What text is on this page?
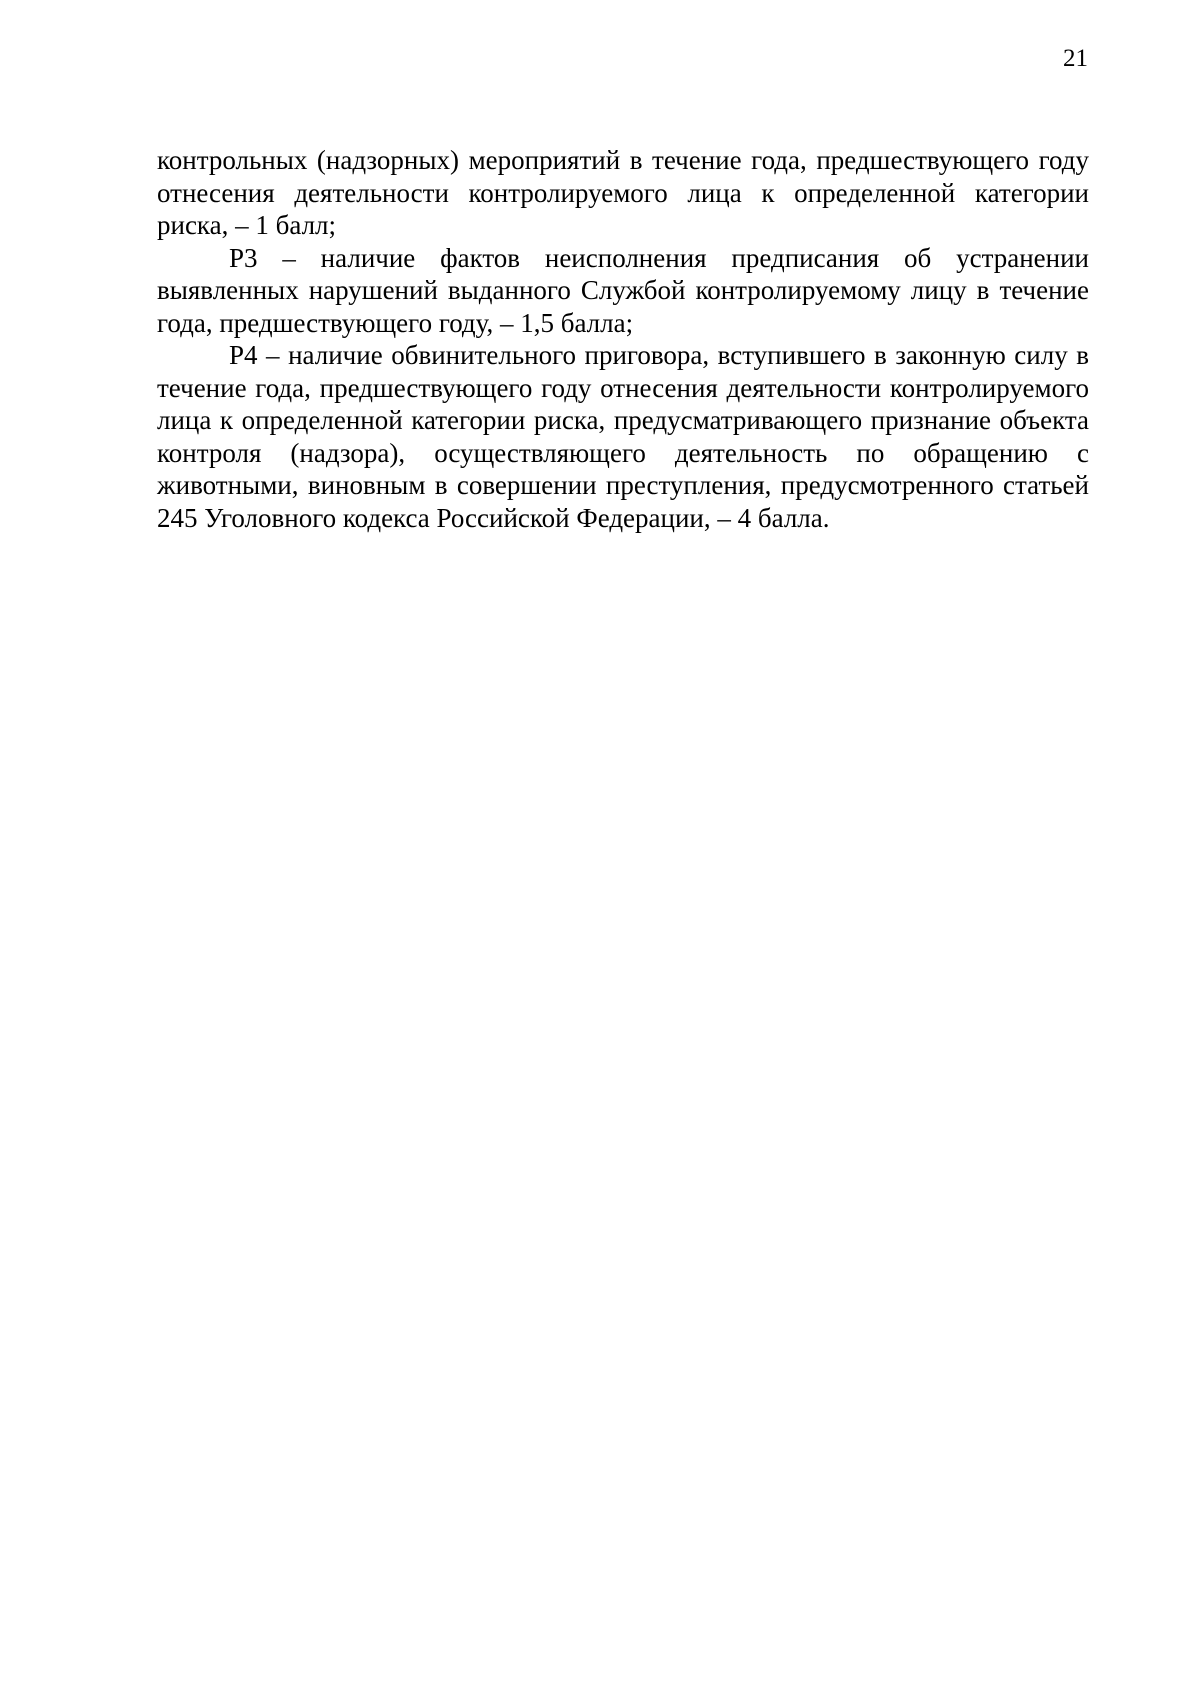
21

контрольных (надзорных) мероприятий в течение года, предшествующего году отнесения деятельности контролируемого лица к определенной категории риска, – 1 балл;

Р3 – наличие фактов неисполнения предписания об устранении выявленных нарушений выданного Службой контролируемому лицу в течение года, предшествующего году, – 1,5 балла;

Р4 – наличие обвинительного приговора, вступившего в законную силу в течение года, предшествующего году отнесения деятельности контролируемого лица к определенной категории риска, предусматривающего признание объекта контроля (надзора), осуществляющего деятельность по обращению с животными, виновным в совершении преступления, предусмотренного статьей 245 Уголовного кодекса Российской Федерации, – 4 балла.
